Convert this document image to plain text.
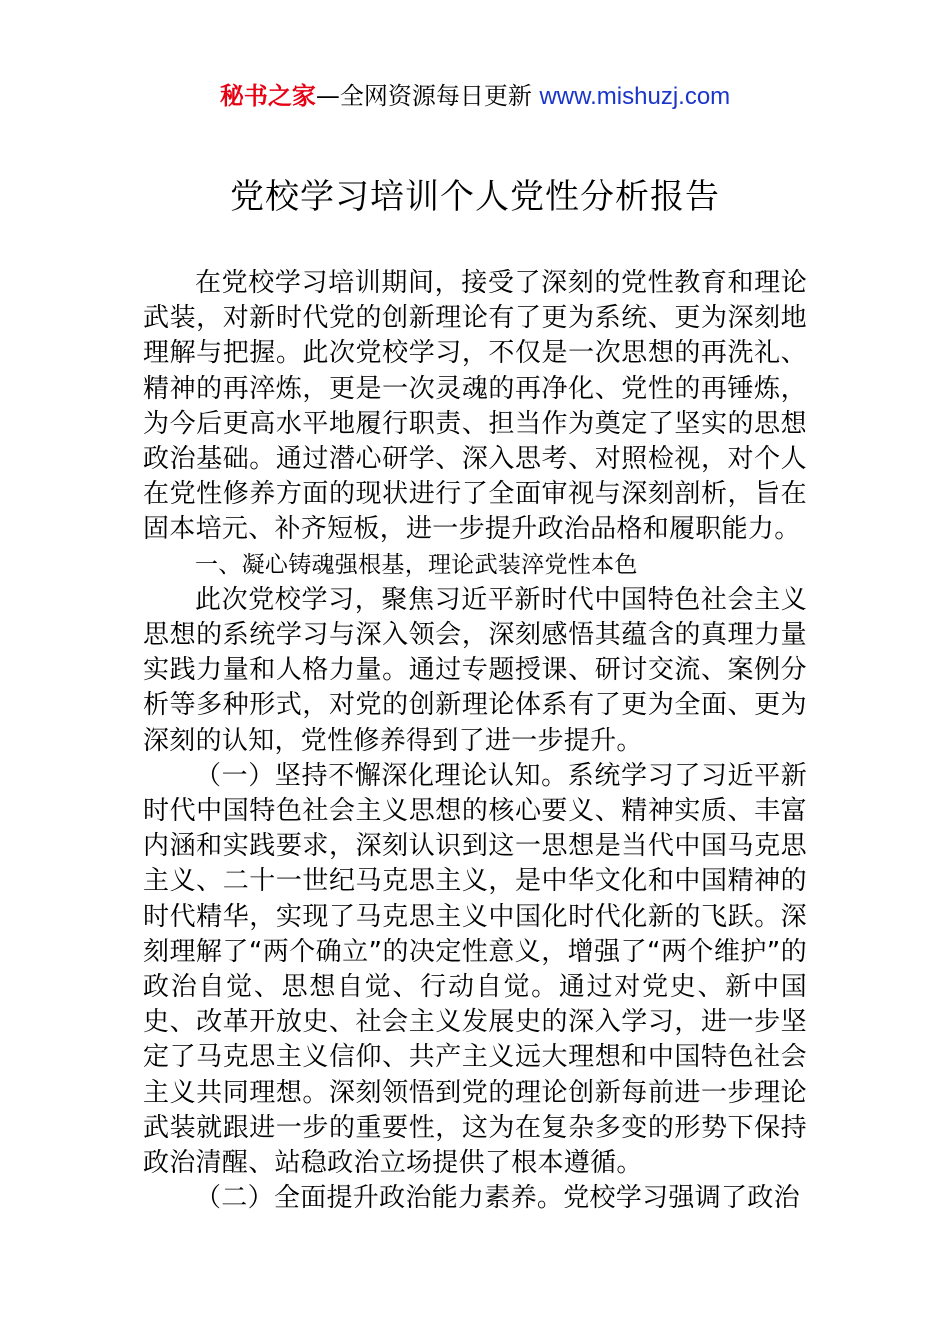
秘书之家—全网资源每日更新 www.mishuzj.com
党校学习培训个人党性分析报告

在党校学习培训期间，接受了深刻的党性教育和理论武装，对新时代党的创新理论有了更为系统、更为深刻地理解与把握。此次党校学习，不仅是一次思想的再洗礼、精神的再淬炼，更是一次灵魂的再净化、党性的再锤炼，为今后更高水平地履行职责、担当作为奠定了坚实的思想政治基础。通过潜心研学、深入思考、对照检视，对个人在党性修养方面的现状进行了全面审视与深刻剖析，旨在固本培元、补齐短板，进一步提升政治品格和履职能力。

一、凝心铸魂强根基，理论武装淬党性本色

此次党校学习，聚焦习近平新时代中国特色社会主义思想的系统学习与深入领会，深刻感悟其蕴含的真理力量实践力量和人格力量。通过专题授课、研讨交流、案例分析等多种形式，对党的创新理论体系有了更为全面、更为深刻的认知，党性修养得到了进一步提升。

（一）坚持不懈深化理论认知。系统学习了习近平新时代中国特色社会主义思想的核心要义、精神实质、丰富内涵和实践要求，深刻认识到这一思想是当代中国马克思主义、二十一世纪马克思主义，是中华文化和中国精神的时代精华，实现了马克思主义中国化时代化新的飞跃。深刻理解了“两个确立”的决定性意义，增强了“两个维护”的政治自觉、思想自觉、行动自觉。通过对党史、新中国史、改革开放史、社会主义发展史的深入学习，进一步坚定了马克思主义信仰、共产主义远大理想和中国特色社会主义共同理想。深刻领悟到党的理论创新每前进一步理论武装就跟进一步的重要性，这为在复杂多变的形势下保持政治清醒、站稳政治立场提供了根本遵循。

（二）全面提升政治能力素养。党校学习强调了政治
